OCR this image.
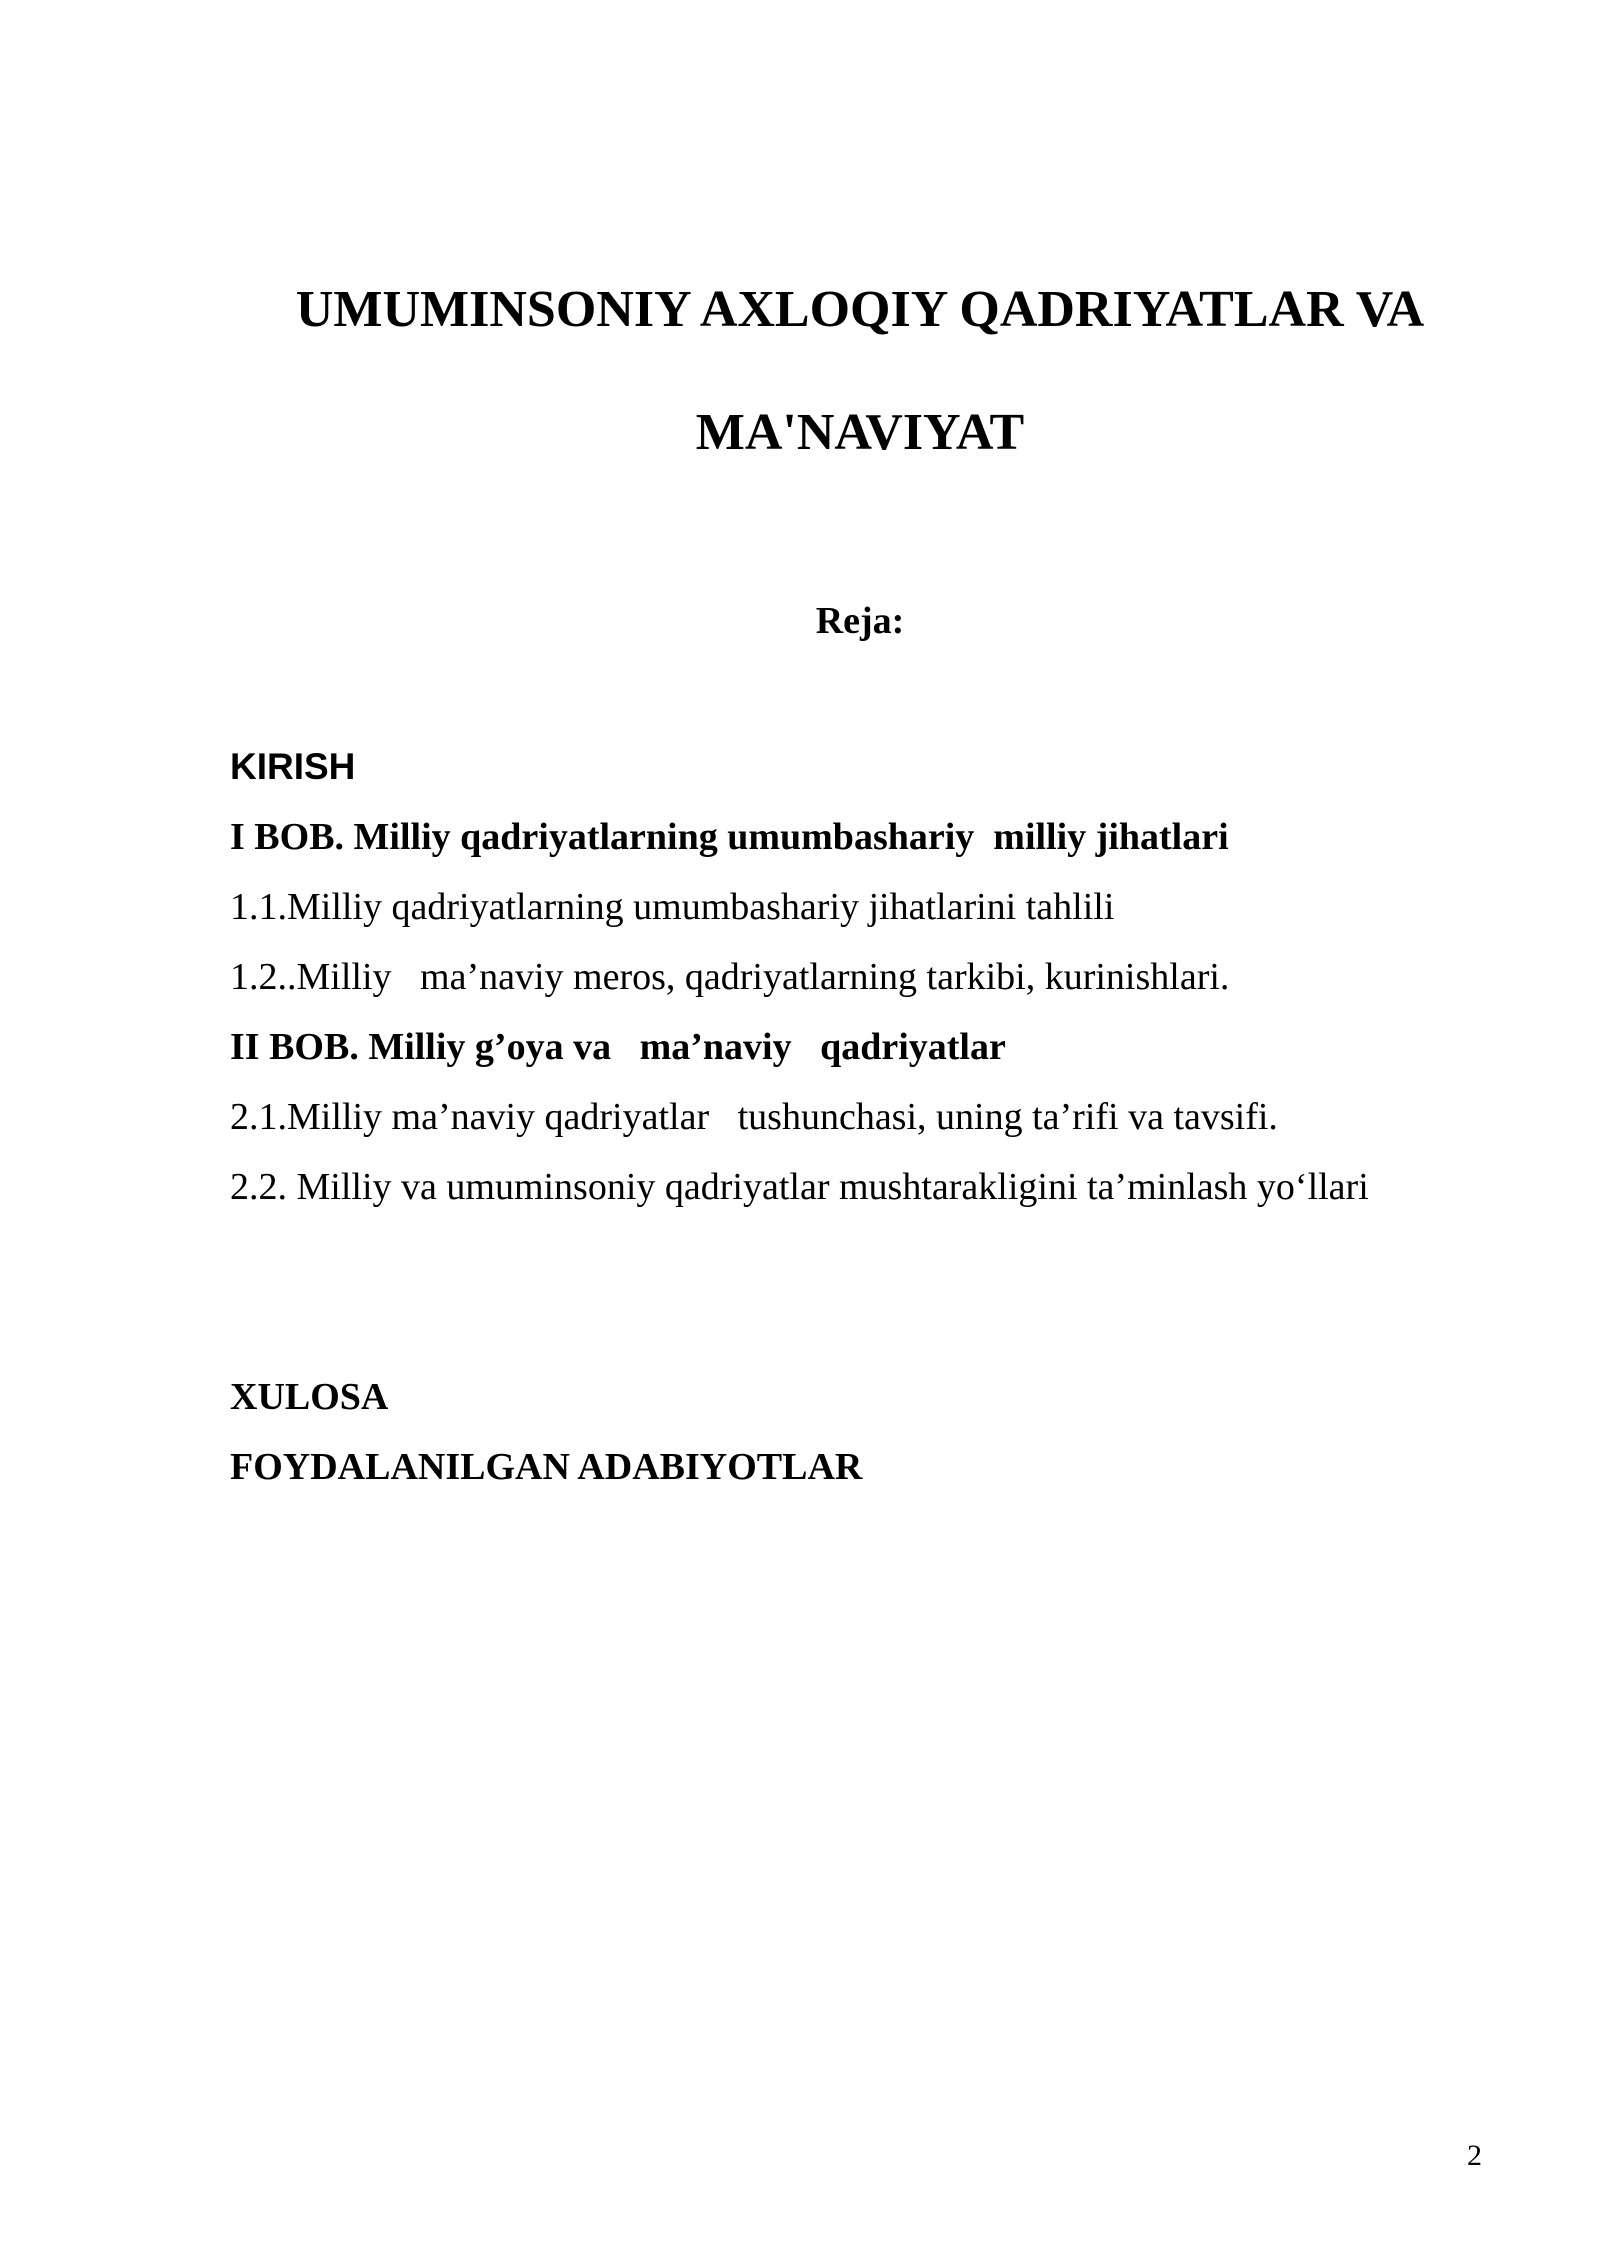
UMUMINSONIY AXLOQIY QADRIYATLAR VA
MA'NAVIYAT
Reja:
KIRISH
I BOB. Milliy qadriyatlarning umumbashariy  milliy jihatlari
1.1.Milliy qadriyatlarning umumbashariy jihatlarini tahlili
1.2..Milliy   ma’naviy meros, qadriyatlarning tarkibi, kurinishlari.
II BOB. Milliy g’oya va   ma’naviy   qadriyatlar
2.1.Milliy ma’naviy qadriyatlar   tushunchasi, uning ta’rifi va tavsifi.
2.2. Milliy va umuminsoniy qadriyatlar mushtarakligini ta’minlash yo‘llari
XULOSA
FOYDALANILGAN ADABIYOTLAR
2
